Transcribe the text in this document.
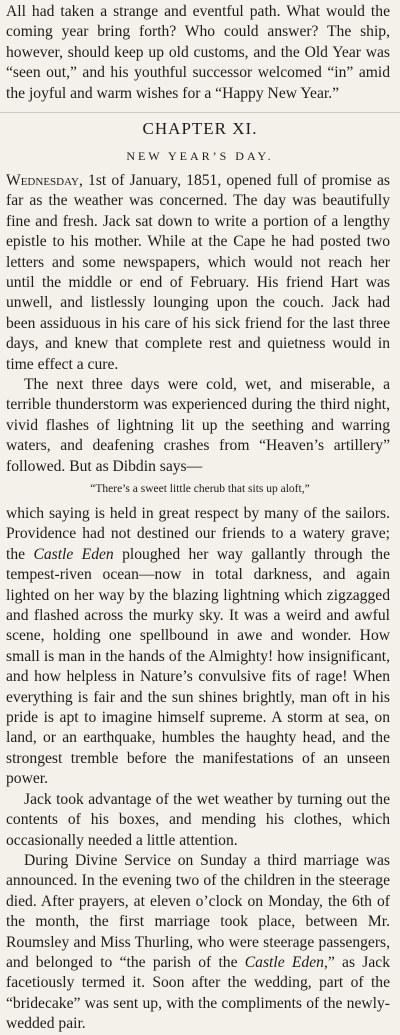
All had taken a strange and eventful path. What would the coming year bring forth? Who could answer? The ship, however, should keep up old customs, and the Old Year was “seen out,” and his youthful successor welcomed “in” amid the joyful and warm wishes for a “Happy New Year.”

CHAPTER XI.
NEW YEAR’S DAY.

Wednesday, 1st of January, 1851, opened full of promise as far as the weather was concerned. The day was beautifully fine and fresh. Jack sat down to write a portion of a lengthy epistle to his mother. While at the Cape he had posted two letters and some newspapers, which would not reach her until the middle or end of February. His friend Hart was unwell, and listlessly lounging upon the couch. Jack had been assiduous in his care of his sick friend for the last three days, and knew that complete rest and quietness would in time effect a cure.

The next three days were cold, wet, and miserable, a terrible thunderstorm was experienced during the third night, vivid flashes of lightning lit up the seething and warring waters, and deafening crashes from “Heaven’s artillery” followed. But as Dibdin says—

“There’s a sweet little cherub that sits up aloft,”

which saying is held in great respect by many of the sailors. Providence had not destined our friends to a watery grave; the Castle Eden ploughed her way gallantly through the tempest-riven ocean—now in total darkness, and again lighted on her way by the blazing lightning which zigzagged and flashed across the murky sky. It was a weird and awful scene, holding one spellbound in awe and wonder. How small is man in the hands of the Almighty! how insignificant, and how helpless in Nature’s convulsive fits of rage! When everything is fair and the sun shines brightly, man oft in his pride is apt to imagine himself supreme. A storm at sea, on land, or an earthquake, humbles the haughty head, and the strongest tremble before the manifestations of an unseen power.

Jack took advantage of the wet weather by turning out the contents of his boxes, and mending his clothes, which occasionally needed a little attention.

During Divine Service on Sunday a third marriage was announced. In the evening two of the children in the steerage died. After prayers, at eleven o’clock on Monday, the 6th of the month, the first marriage took place, between Mr. Roumsley and Miss Thurling, who were steerage passengers, and belonged to “the parish of the Castle Eden,” as Jack facetiously termed it. Soon after the wedding, part of the “bridecake” was sent up, with the compliments of the newly-wedded pair.
